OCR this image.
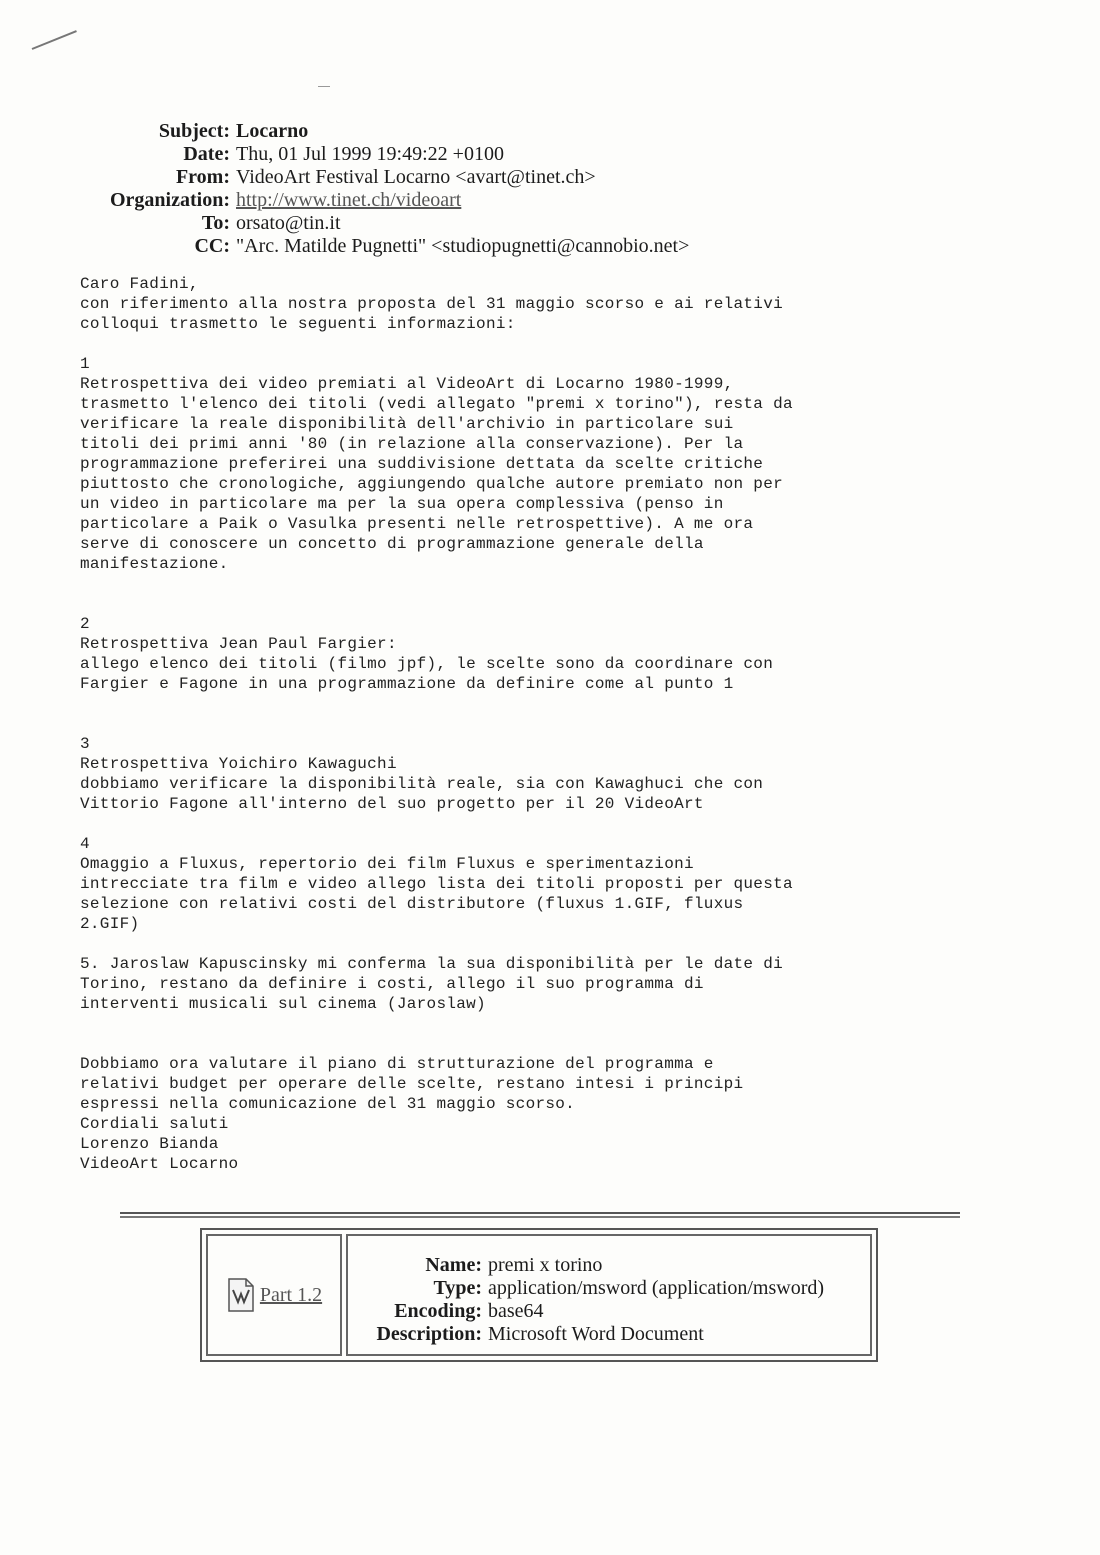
Subject: Locarno
Date: Thu, 01 Jul 1999 19:49:22 +0100
From: VideoArt Festival Locarno <avart@tinet.ch>
Organization: http://www.tinet.ch/videoart
To: orsato@tin.it
CC: "Arc. Matilde Pugnetti" <studiopugnetti@cannobio.net>
Caro Fadini,
con riferimento alla nostra proposta del 31 maggio scorso e ai relativi
colloqui trasmetto le seguenti informazioni:

1
Retrospettiva dei video premiati al VideoArt di Locarno 1980-1999,
trasmetto l'elenco dei titoli (vedi allegato "premi x torino"), resta da
verificare la reale disponibilità dell'archivio in particolare sui
titoli dei primi anni '80 (in relazione alla conservazione). Per la
programmazione preferirei una suddivisione dettata da scelte critiche
piuttosto che cronologiche, aggiungendo qualche autore premiato non per
un video in particolare ma per la sua opera complessiva (penso in
particolare a Paik o Vasulka presenti nelle retrospettive). A me ora
serve di conoscere un concetto di programmazione generale della
manifestazione.

2
Retrospettiva Jean Paul Fargier:
allego elenco dei titoli (filmo jpf), le scelte sono da coordinare con
Fargier e Fagone in una programmazione da definire come al punto 1

3
Retrospettiva Yoichiro Kawaguchi
dobbiamo verificare la disponibilità reale, sia con Kawaghuci che con
Vittorio Fagone all'interno del suo progetto per il 20 VideoArt

4
Omaggio a Fluxus, repertorio dei film Fluxus e sperimentazioni
intrecciate tra film e video allego lista dei titoli proposti per questa
selezione con relativi costi del distributore (fluxus 1.GIF, fluxus
2.GIF)

5. Jaroslaw Kapuscinsky mi conferma la sua disponibilità per le date di
Torino, restano da definire i costi, allego il suo programma di
interventi musicali sul cinema (Jaroslaw)

Dobbiamo ora valutare il piano di strutturazione del programma e
relativi budget per operare delle scelte, restano intesi i principi
espressi nella comunicazione del 31 maggio scorso.
Cordiali saluti
Lorenzo Bianda
VideoArt Locarno
Part 1.2
Name: premi x torino
Type: application/msword (application/msword)
Encoding: base64
Description: Microsoft Word Document
